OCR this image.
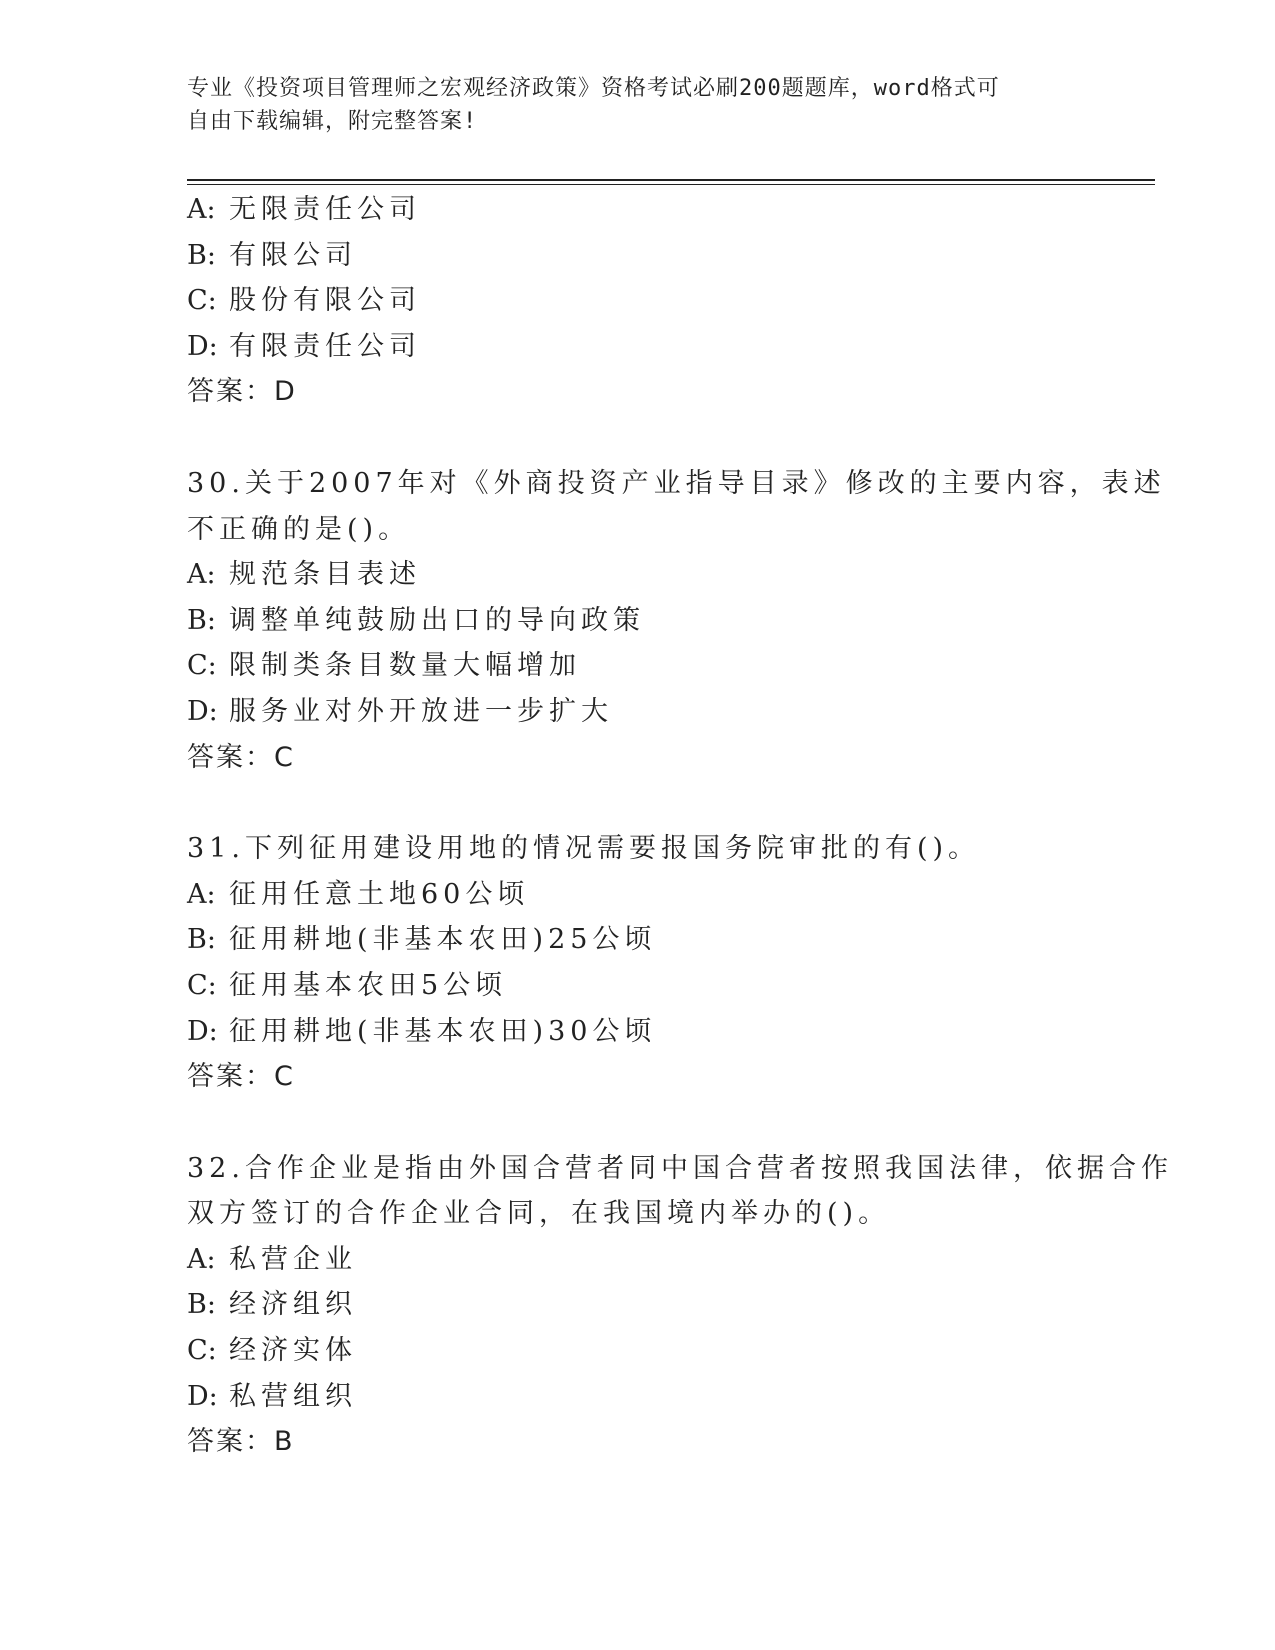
专业《投资项目管理师之宏观经济政策》资格考试必刷200题题库，word格式可
自由下载编辑，附完整答案!
A: 无限责任公司
B: 有限公司
C: 股份有限公司
D: 有限责任公司
答案：D
30.关于2007年对《外商投资产业指导目录》修改的主要内容，表述
不正确的是()。
A: 规范条目表述
B: 调整单纯鼓励出口的导向政策
C: 限制类条目数量大幅增加
D: 服务业对外开放进一步扩大
答案：C
31.下列征用建设用地的情况需要报国务院审批的有()。
A: 征用任意土地60公顷
B: 征用耕地(非基本农田)25公顷
C: 征用基本农田5公顷
D: 征用耕地(非基本农田)30公顷
答案：C
32.合作企业是指由外国合营者同中国合营者按照我国法律，依据合作
双方签订的合作企业合同，在我国境内举办的()。
A: 私营企业
B: 经济组织
C: 经济实体
D: 私营组织
答案：B
